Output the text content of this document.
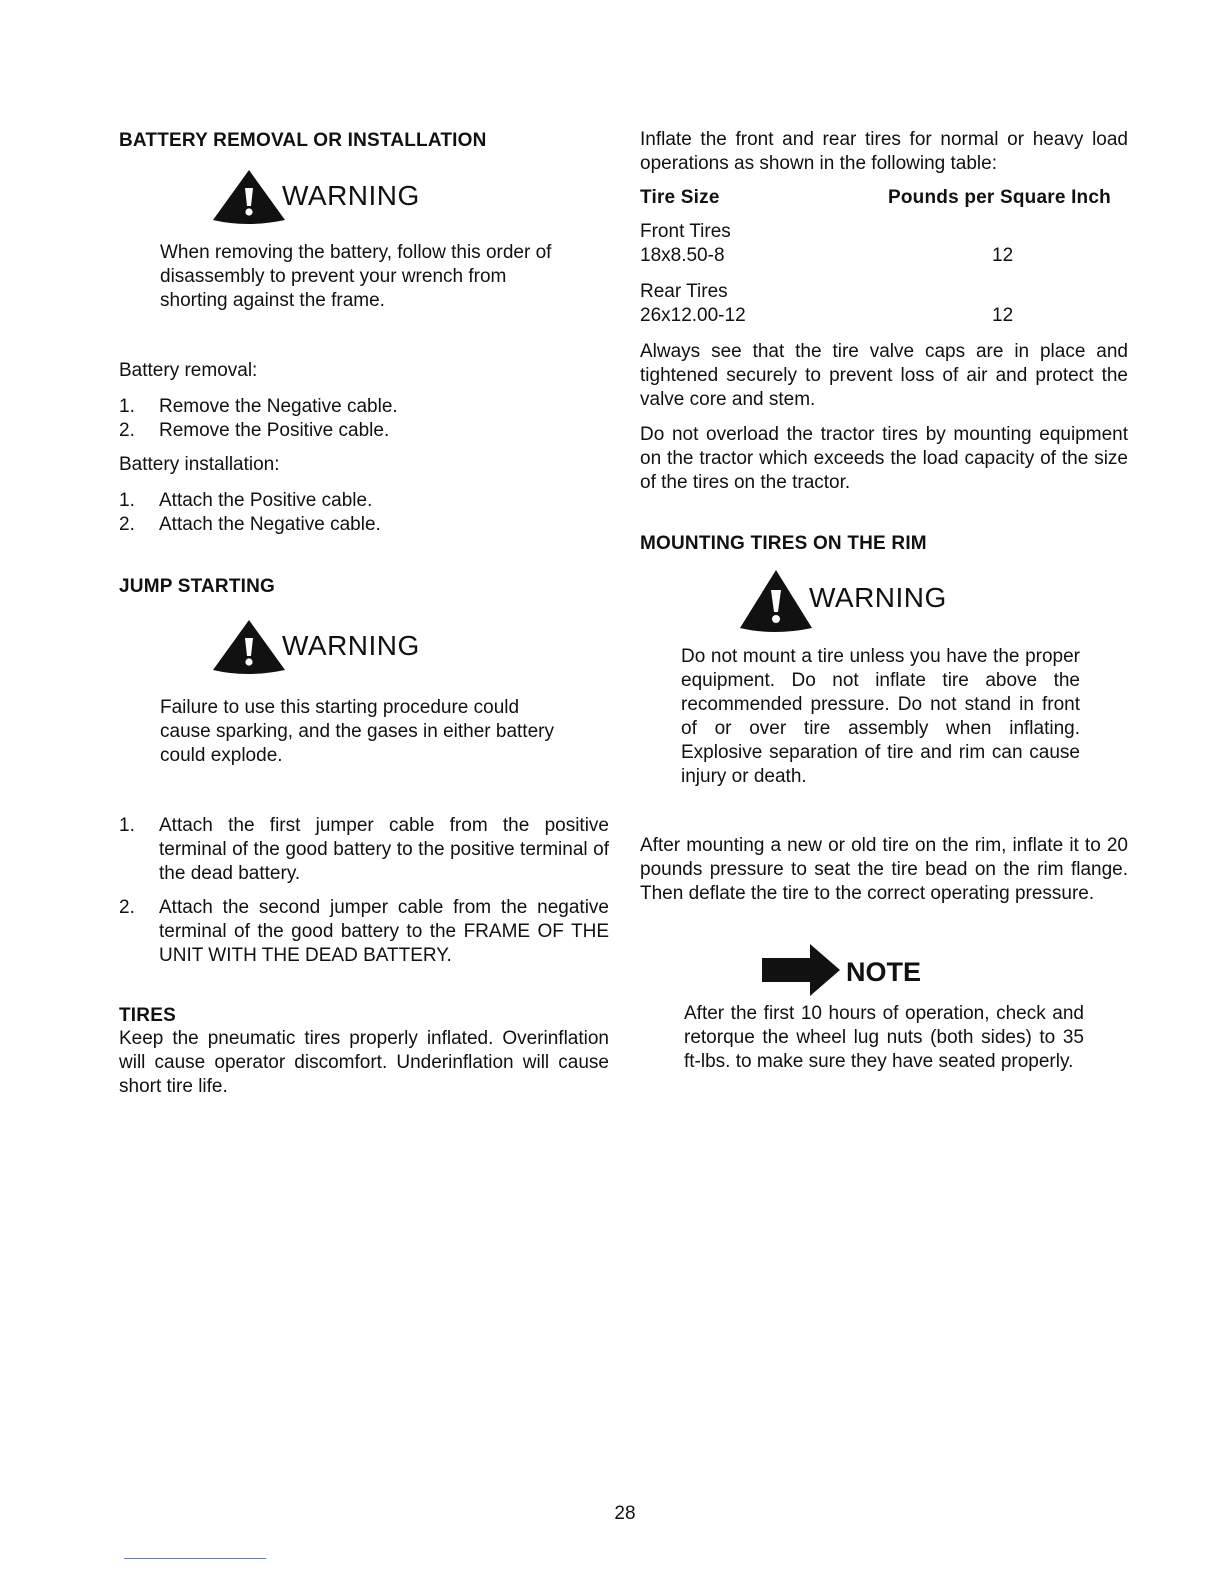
BATTERY REMOVAL OR INSTALLATION
WARNING
When removing the battery, follow this order of disassembly to prevent your wrench from shorting against the frame.
Battery removal:
1.	Remove the Negative cable.
2.	Remove the Positive cable.
Battery installation:
1.	Attach the Positive cable.
2.	Attach the Negative cable.
JUMP STARTING
WARNING
Failure to use this starting procedure could cause sparking, and the gases in either battery could explode.
1.	Attach the first jumper cable from the positive terminal of the good battery to the positive terminal of the dead battery.
2.	Attach the second jumper cable from the negative terminal of the good battery to the FRAME OF THE UNIT WITH THE DEAD BATTERY.
TIRES
Keep the pneumatic tires properly inflated. Overinflation will cause operator discomfort. Underinflation will cause short tire life.
Inflate the front and rear tires for normal or heavy load operations as shown in the following table:
Tire Size	Pounds per Square Inch
Front Tires
18x8.50-8	12
Rear Tires
26x12.00-12	12
Always see that the tire valve caps are in place and tightened securely to prevent loss of air and protect the valve core and stem.
Do not overload the tractor tires by mounting equipment on the tractor which exceeds the load capacity of the size of the tires on the tractor.
MOUNTING TIRES ON THE RIM
WARNING
Do not mount a tire unless you have the proper equipment. Do not inflate tire above the recommended pressure. Do not stand in front of or over tire assembly when inflating. Explosive separation of tire and rim can cause injury or death.
After mounting a new or old tire on the rim, inflate it to 20 pounds pressure to seat the tire bead on the rim flange. Then deflate the tire to the correct operating pressure.
NOTE
After the first 10 hours of operation, check and retorque the wheel lug nuts (both sides) to 35 ft-lbs. to make sure they have seated properly.
28
